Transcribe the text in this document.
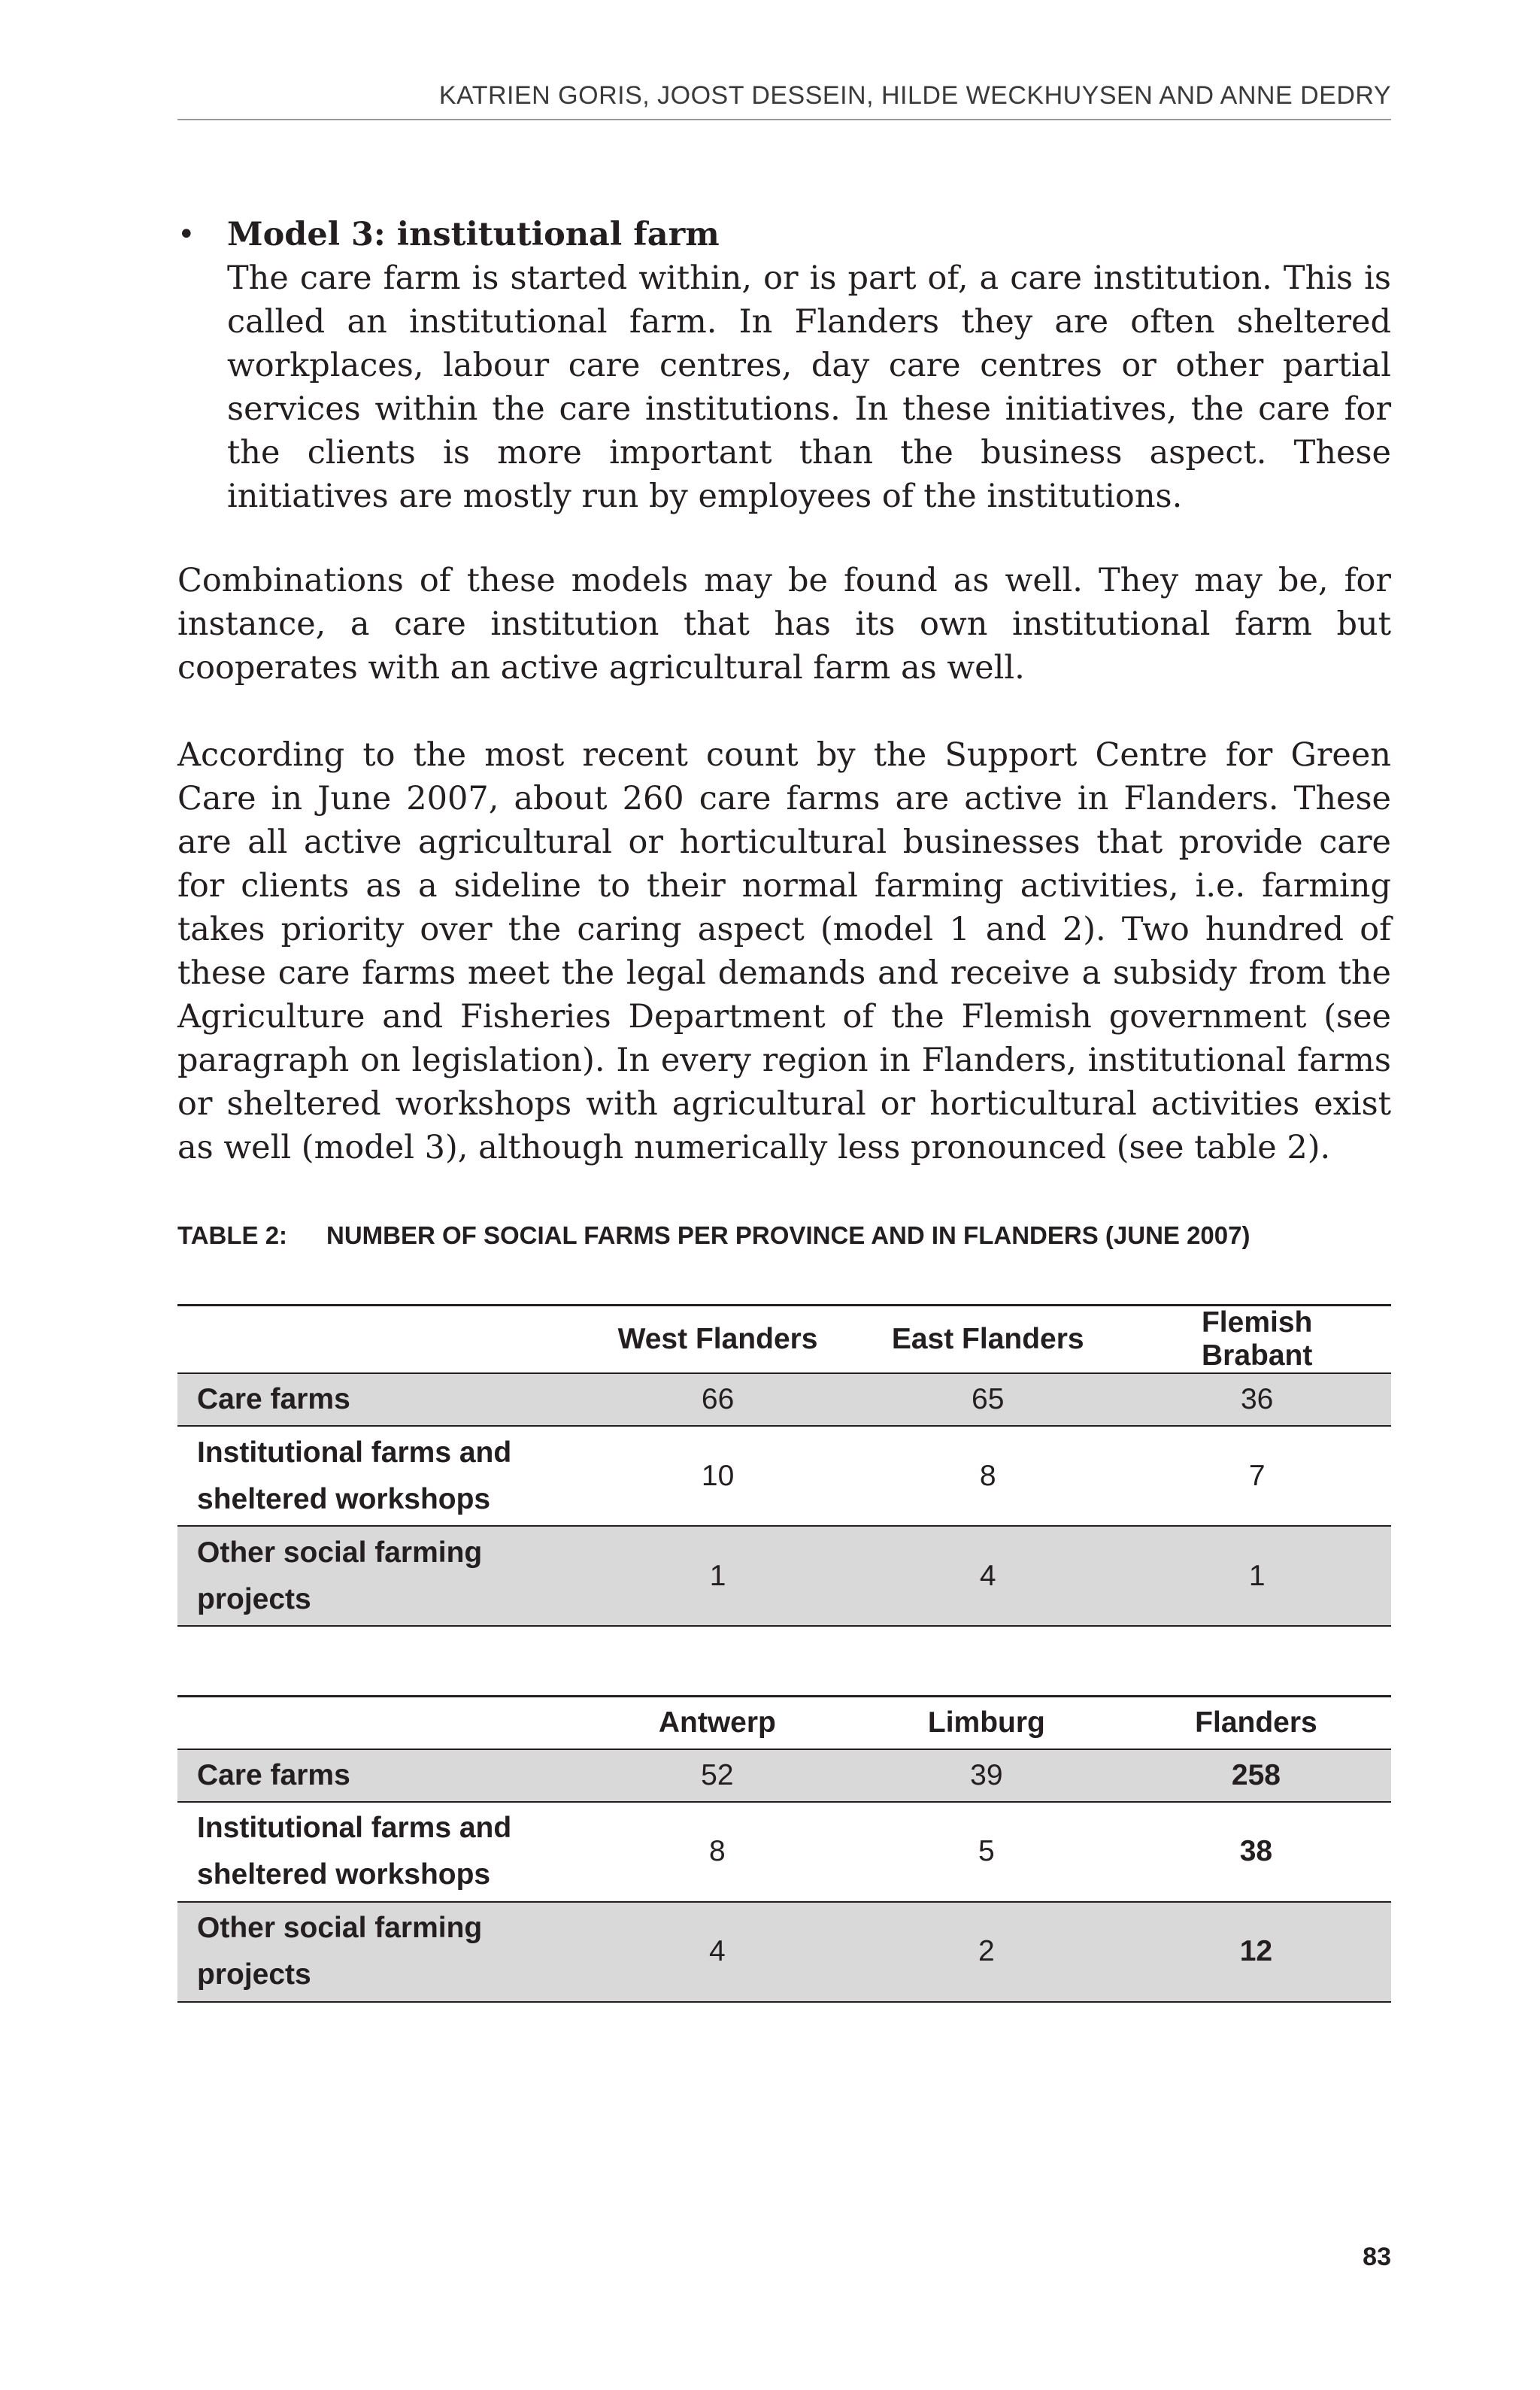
KATRIEN GORIS, JOOST DESSEIN, HILDE WECKHUYSEN AND ANNE DEDRY
• Model 3: institutional farm
The care farm is started within, or is part of, a care institution. This is called an institutional farm. In Flanders they are often sheltered workplaces, labour care centres, day care centres or other partial services within the care institutions. In these initiatives, the care for the clients is more important than the business aspect. These initiatives are mostly run by employees of the institutions.
Combinations of these models may be found as well. They may be, for instance, a care institution that has its own institutional farm but cooperates with an active agricultural farm as well.
According to the most recent count by the Support Centre for Green Care in June 2007, about 260 care farms are active in Flanders. These are all active agricultural or horticultural businesses that provide care for clients as a sideline to their normal farming activities, i.e. farming takes priority over the caring aspect (model 1 and 2). Two hundred of these care farms meet the legal demands and receive a subsidy from the Agriculture and Fisheries Department of the Flemish government (see paragraph on legislation). In every region in Flanders, institutional farms or sheltered workshops with agricultural or horticultural activities exist as well (model 3), although numerically less pronounced (see table 2).
TABLE 2: NUMBER OF SOCIAL FARMS PER PROVINCE AND IN FLANDERS (JUNE 2007)
	West Flanders	East Flanders	Flemish Brabant
Care farms	66	65	36
Institutional farms and
sheltered workshops	10	8	7
Other social farming
projects	1	4	1
	Antwerp	Limburg	Flanders
Care farms	52	39	258
Institutional farms and
sheltered workshops	8	5	38
Other social farming
projects	4	2	12
83
